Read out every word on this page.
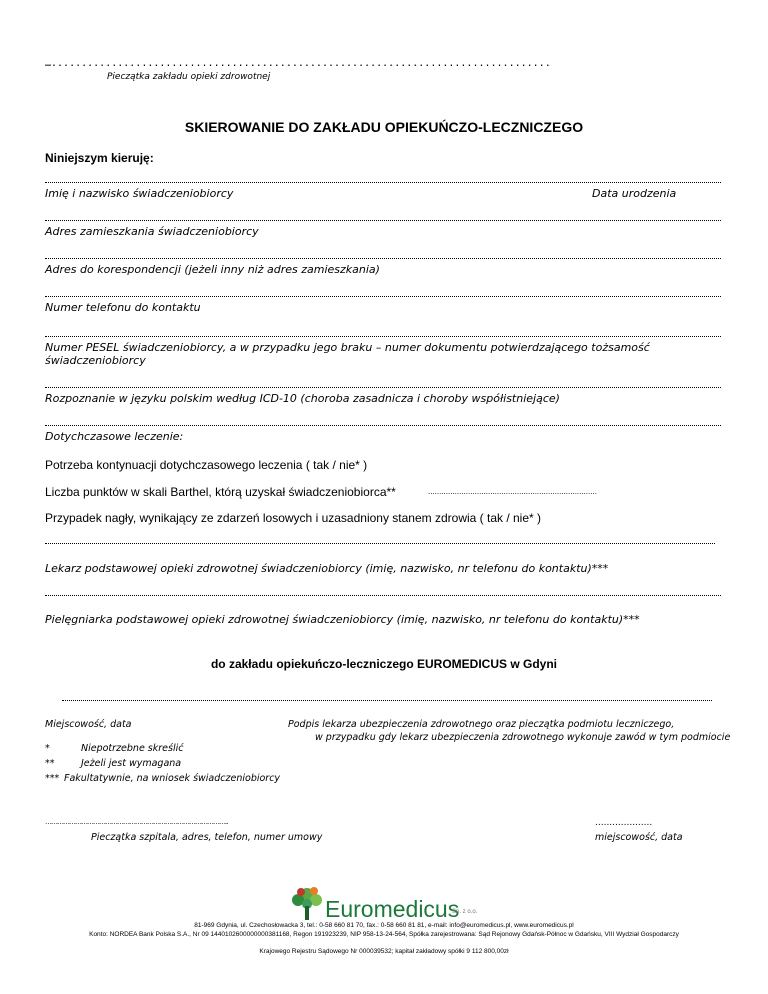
…...................................................................................
Pieczątka zakładu opieki zdrowotnej
SKIEROWANIE DO ZAKŁADU OPIEKUŃCZO-LECZNICZEGO
Niniejszym kieruję:
Imię i nazwisko świadczeniobiorcy	Data urodzenia
Adres zamieszkania świadczeniobiorcy
Adres do korespondencji (jeżeli inny niż adres zamieszkania)
Numer telefonu do kontaktu
Numer PESEL świadczeniobiorcy, a w przypadku jego braku – numer dokumentu potwierdzającego tożsamość
świadczeniobiorcy
Rozpoznanie w języku polskim według ICD-10 (choroba zasadnicza i choroby współistniejące)
Dotychczasowe leczenie:
Potrzeba kontynuacji dotychczasowego leczenia ( tak / nie* )
Liczba punktów w skali Barthel, którą uzyskał świadczeniobiorca**	............................................................................
Przypadek nagły, wynikający ze zdarzeń losowych i uzasadniony stanem zdrowia ( tak / nie* )
Lekarz podstawowej opieki zdrowotnej świadczeniobiorcy (imię, nazwisko, nr telefonu do kontaktu)***
Pielęgniarka podstawowej opieki zdrowotnej świadczeniobiorcy (imię, nazwisko, nr telefonu do kontaktu)***
do zakładu opiekuńczo-leczniczego EUROMEDICUS w Gdyni
Miejscowość, data	Podpis lekarza ubezpieczenia zdrowotnego oraz pieczątka podmiotu leczniczego,
w przypadku gdy lekarz ubezpieczenia zdrowotnego wykonuje zawód w tym podmiocie
*	Niepotrzebne skreślić
**	Jeżeli jest wymagana
*** Fakultatywnie, na wniosek świadczeniobiorcy
………………………………………………………………………………..
Pieczątka szpitala, adres, telefon, numer umowy
....................
miejscowość, data
Euromedicus
Sp. z o.o.
81-969 Gdynia, ul. Czechosłowacka 3, tel.: 0-58 660 81 70, fax.: 0-58 660 81 81, e-mail: info@euromedicus.pl, www.euromedicus.pl
Konto: NORDEA Bank Polska S.A., Nr 09 1440102600000000381168, Regon 191923239, NIP 958-13-24-564, Spółka zarejestrowana: Sąd Rejonowy Gdańsk-Północ w Gdańsku, VIII Wydział Gospodarczy
Krajowego Rejestru Sądowego Nr 000039532; kapitał zakładowy spółki 9 112 800,00zł
